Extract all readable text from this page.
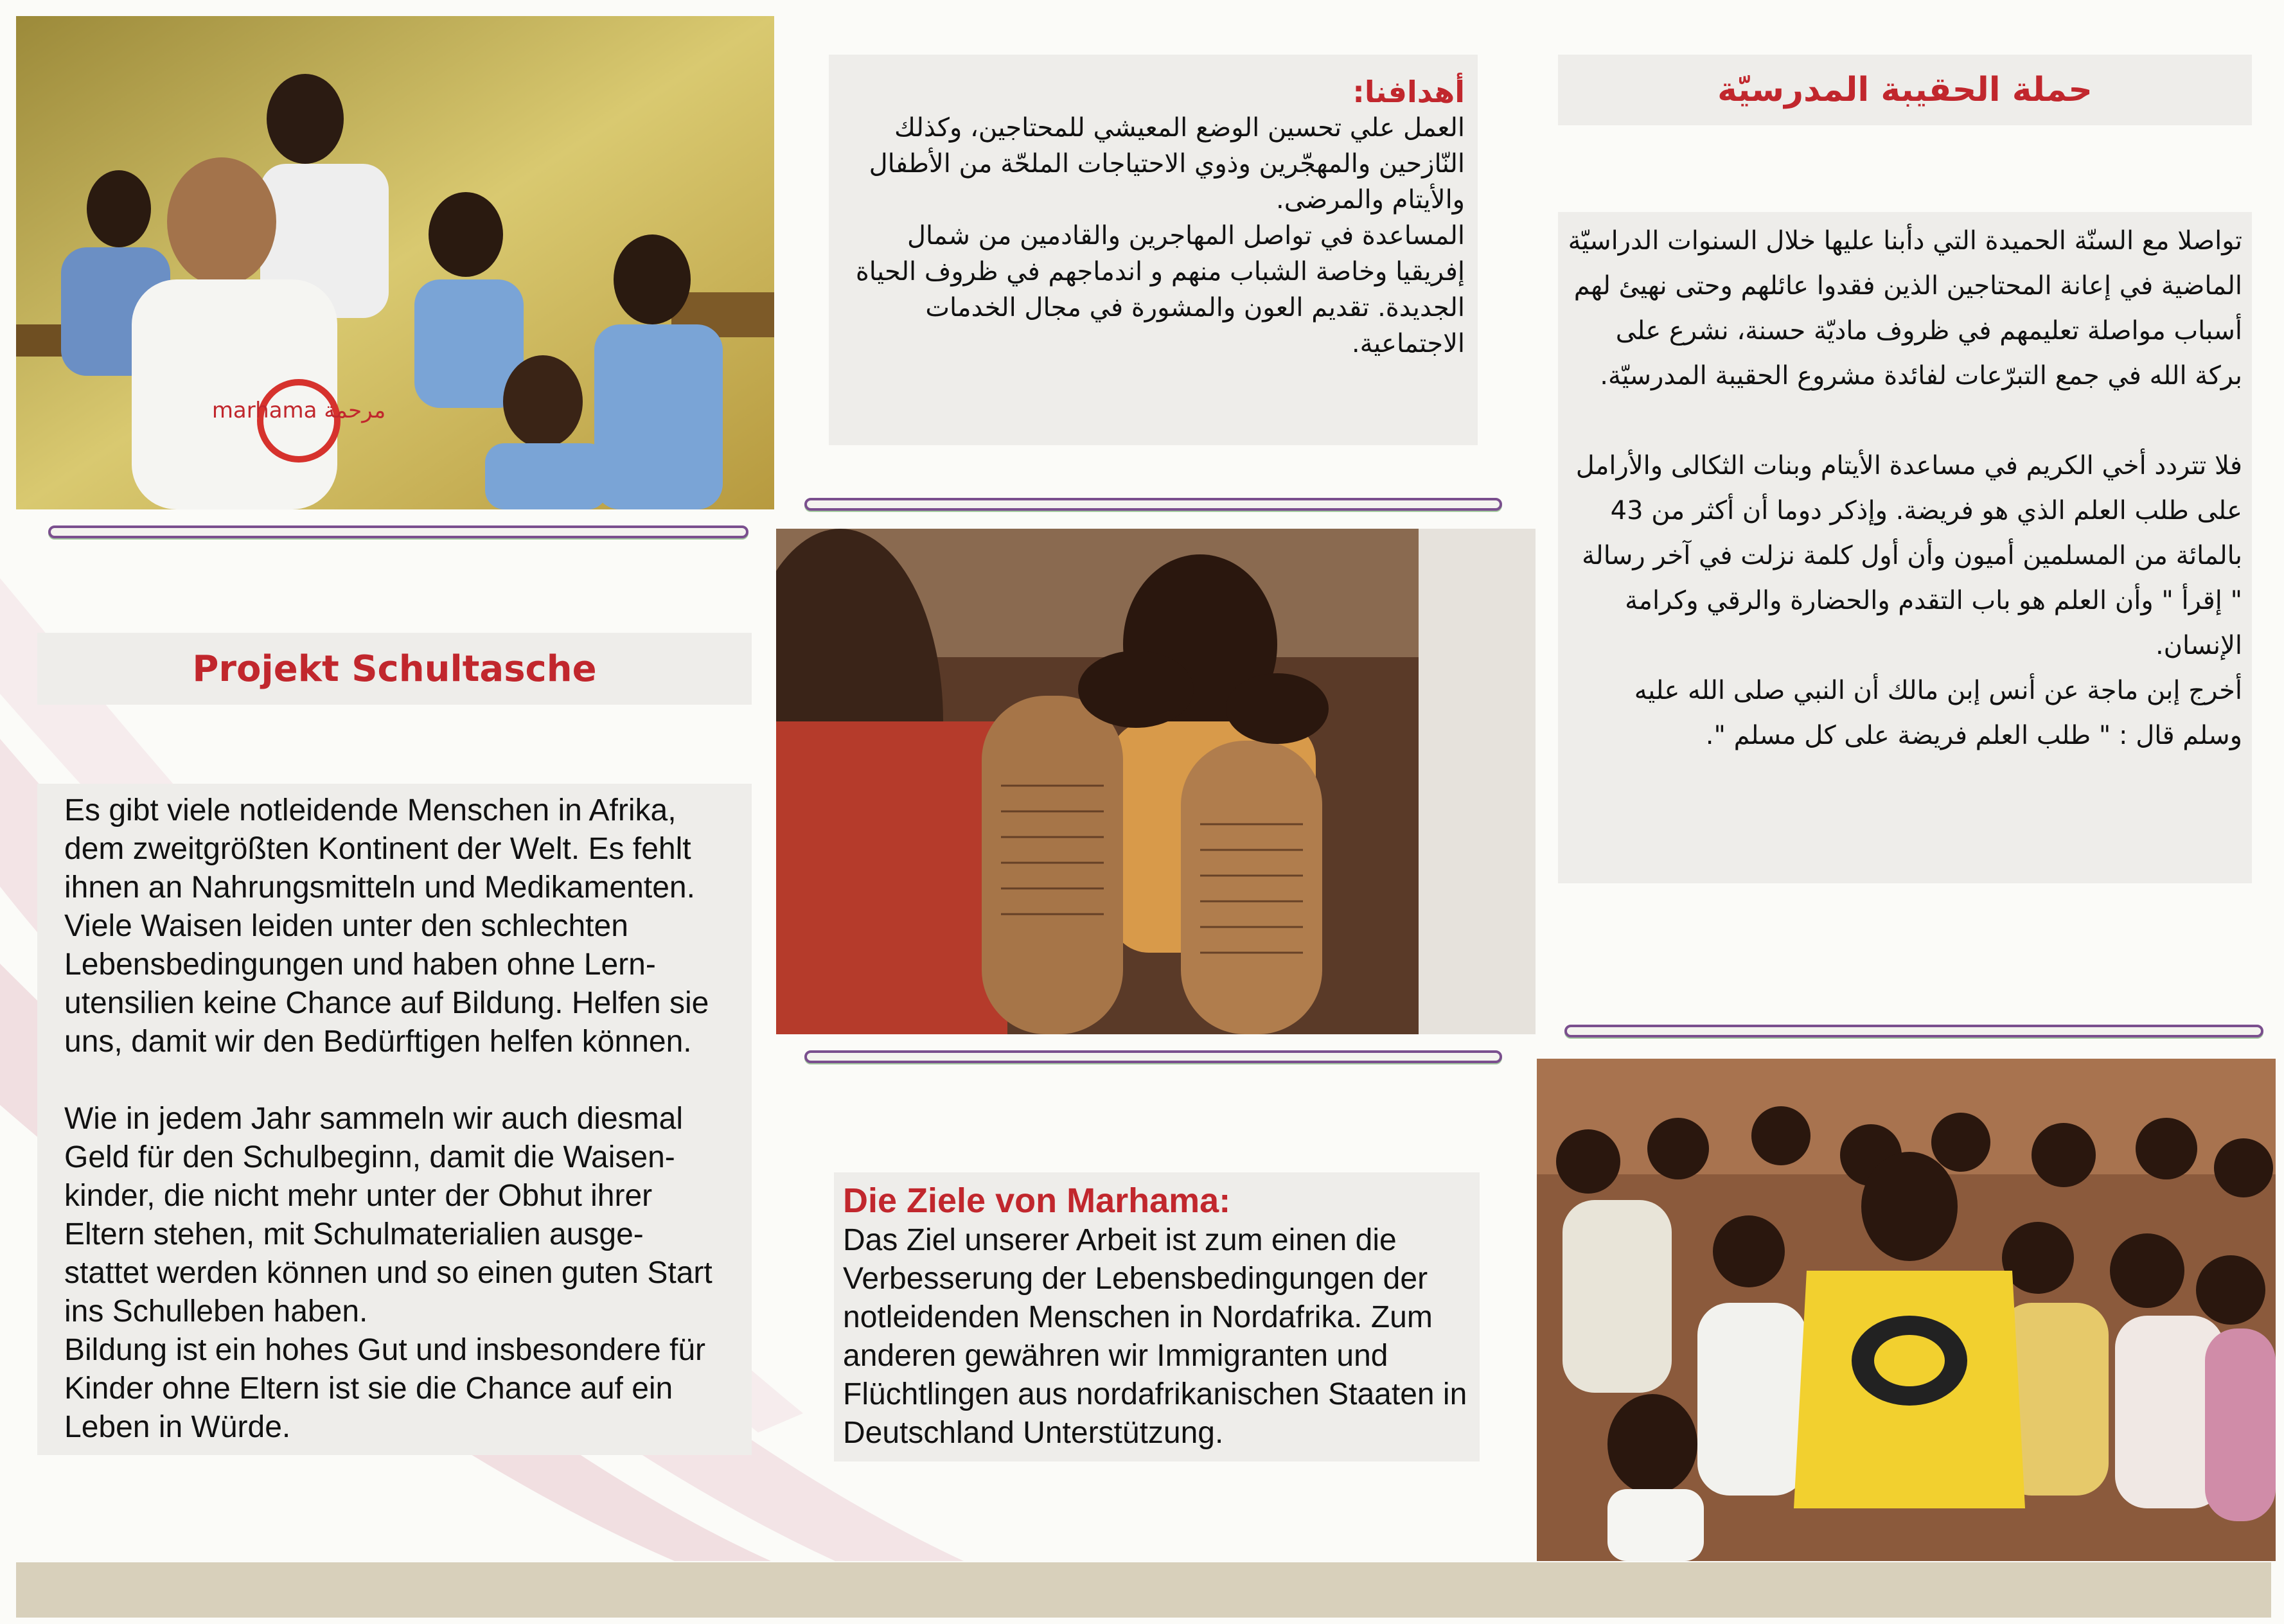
marhama مرحمة
أهدافنا:
العمل علي تحسين الوضع المعيشي للمحتاجين، وكذلك النّازحين والمهجّرين وذوي الاحتياجات الملحّة من الأطفال والأيتام والمرضى.
المساعدة في تواصل المهاجرين والقادمين من شمال إفريقيا وخاصة الشباب منهم و اندماجهم في ظروف الحياة الجديدة. تقديم العون والمشورة في مجال الخدمات الاجتماعية.
حملة الحقيبة المدرسيّة
تواصلا مع السنّة الحميدة التي دأبنا عليها خلال السنوات الدراسيّة الماضية في إعانة المحتاجين الذين فقدوا عائلهم وحتى نهيئ لهم أسباب مواصلة تعليمهم في ظروف ماديّة حسنة، نشرع على بركة الله في جمع التبرّعات لفائدة مشروع الحقيبة المدرسيّة.
فلا تتردد أخي الكريم في مساعدة الأيتام وبنات الثكالى والأرامل على طلب العلم الذي هو فريضة. وإذكر دوما أن أكثر من 43 بالمائة من المسلمين أميون وأن أول كلمة نزلت في آخر رسالة " إقرأ " وأن العلم هو باب التقدم والحضارة والرقي وكرامة الإنسان.
أخرج إبن ماجة عن أنس إبن مالك أن النبي صلى الله عليه وسلم قال : " طلب العلم فريضة على كل مسلم ".
Projekt Schultasche
Es gibt viele notleidende Menschen in Afrika, dem zweitgrößten Kontinent der Welt. Es fehlt ihnen an Nahrungsmitteln und Medikamenten. Viele Waisen leiden unter den schlechten Lebensbedingungen und haben ohne Lern-utensilien keine Chance auf Bildung. Helfen sie uns, damit wir den Bedürftigen helfen können.
Wie in jedem Jahr sammeln wir auch diesmal Geld für den Schulbeginn, damit die Waisen-kinder, die nicht mehr unter der Obhut ihrer Eltern stehen, mit Schulmaterialien ausge-stattet werden können und so einen guten Start ins Schulleben haben.
Bildung ist ein hohes Gut und insbesondere für Kinder ohne Eltern ist sie die Chance auf ein Leben in Würde.
Die Ziele von Marhama:
Das Ziel unserer Arbeit ist zum einen die Verbesserung der Lebensbedingungen der notleidenden Menschen in Nordafrika. Zum anderen gewähren wir Immigranten und Flüchtlingen aus nordafrikanischen Staaten in Deutschland Unterstützung.
